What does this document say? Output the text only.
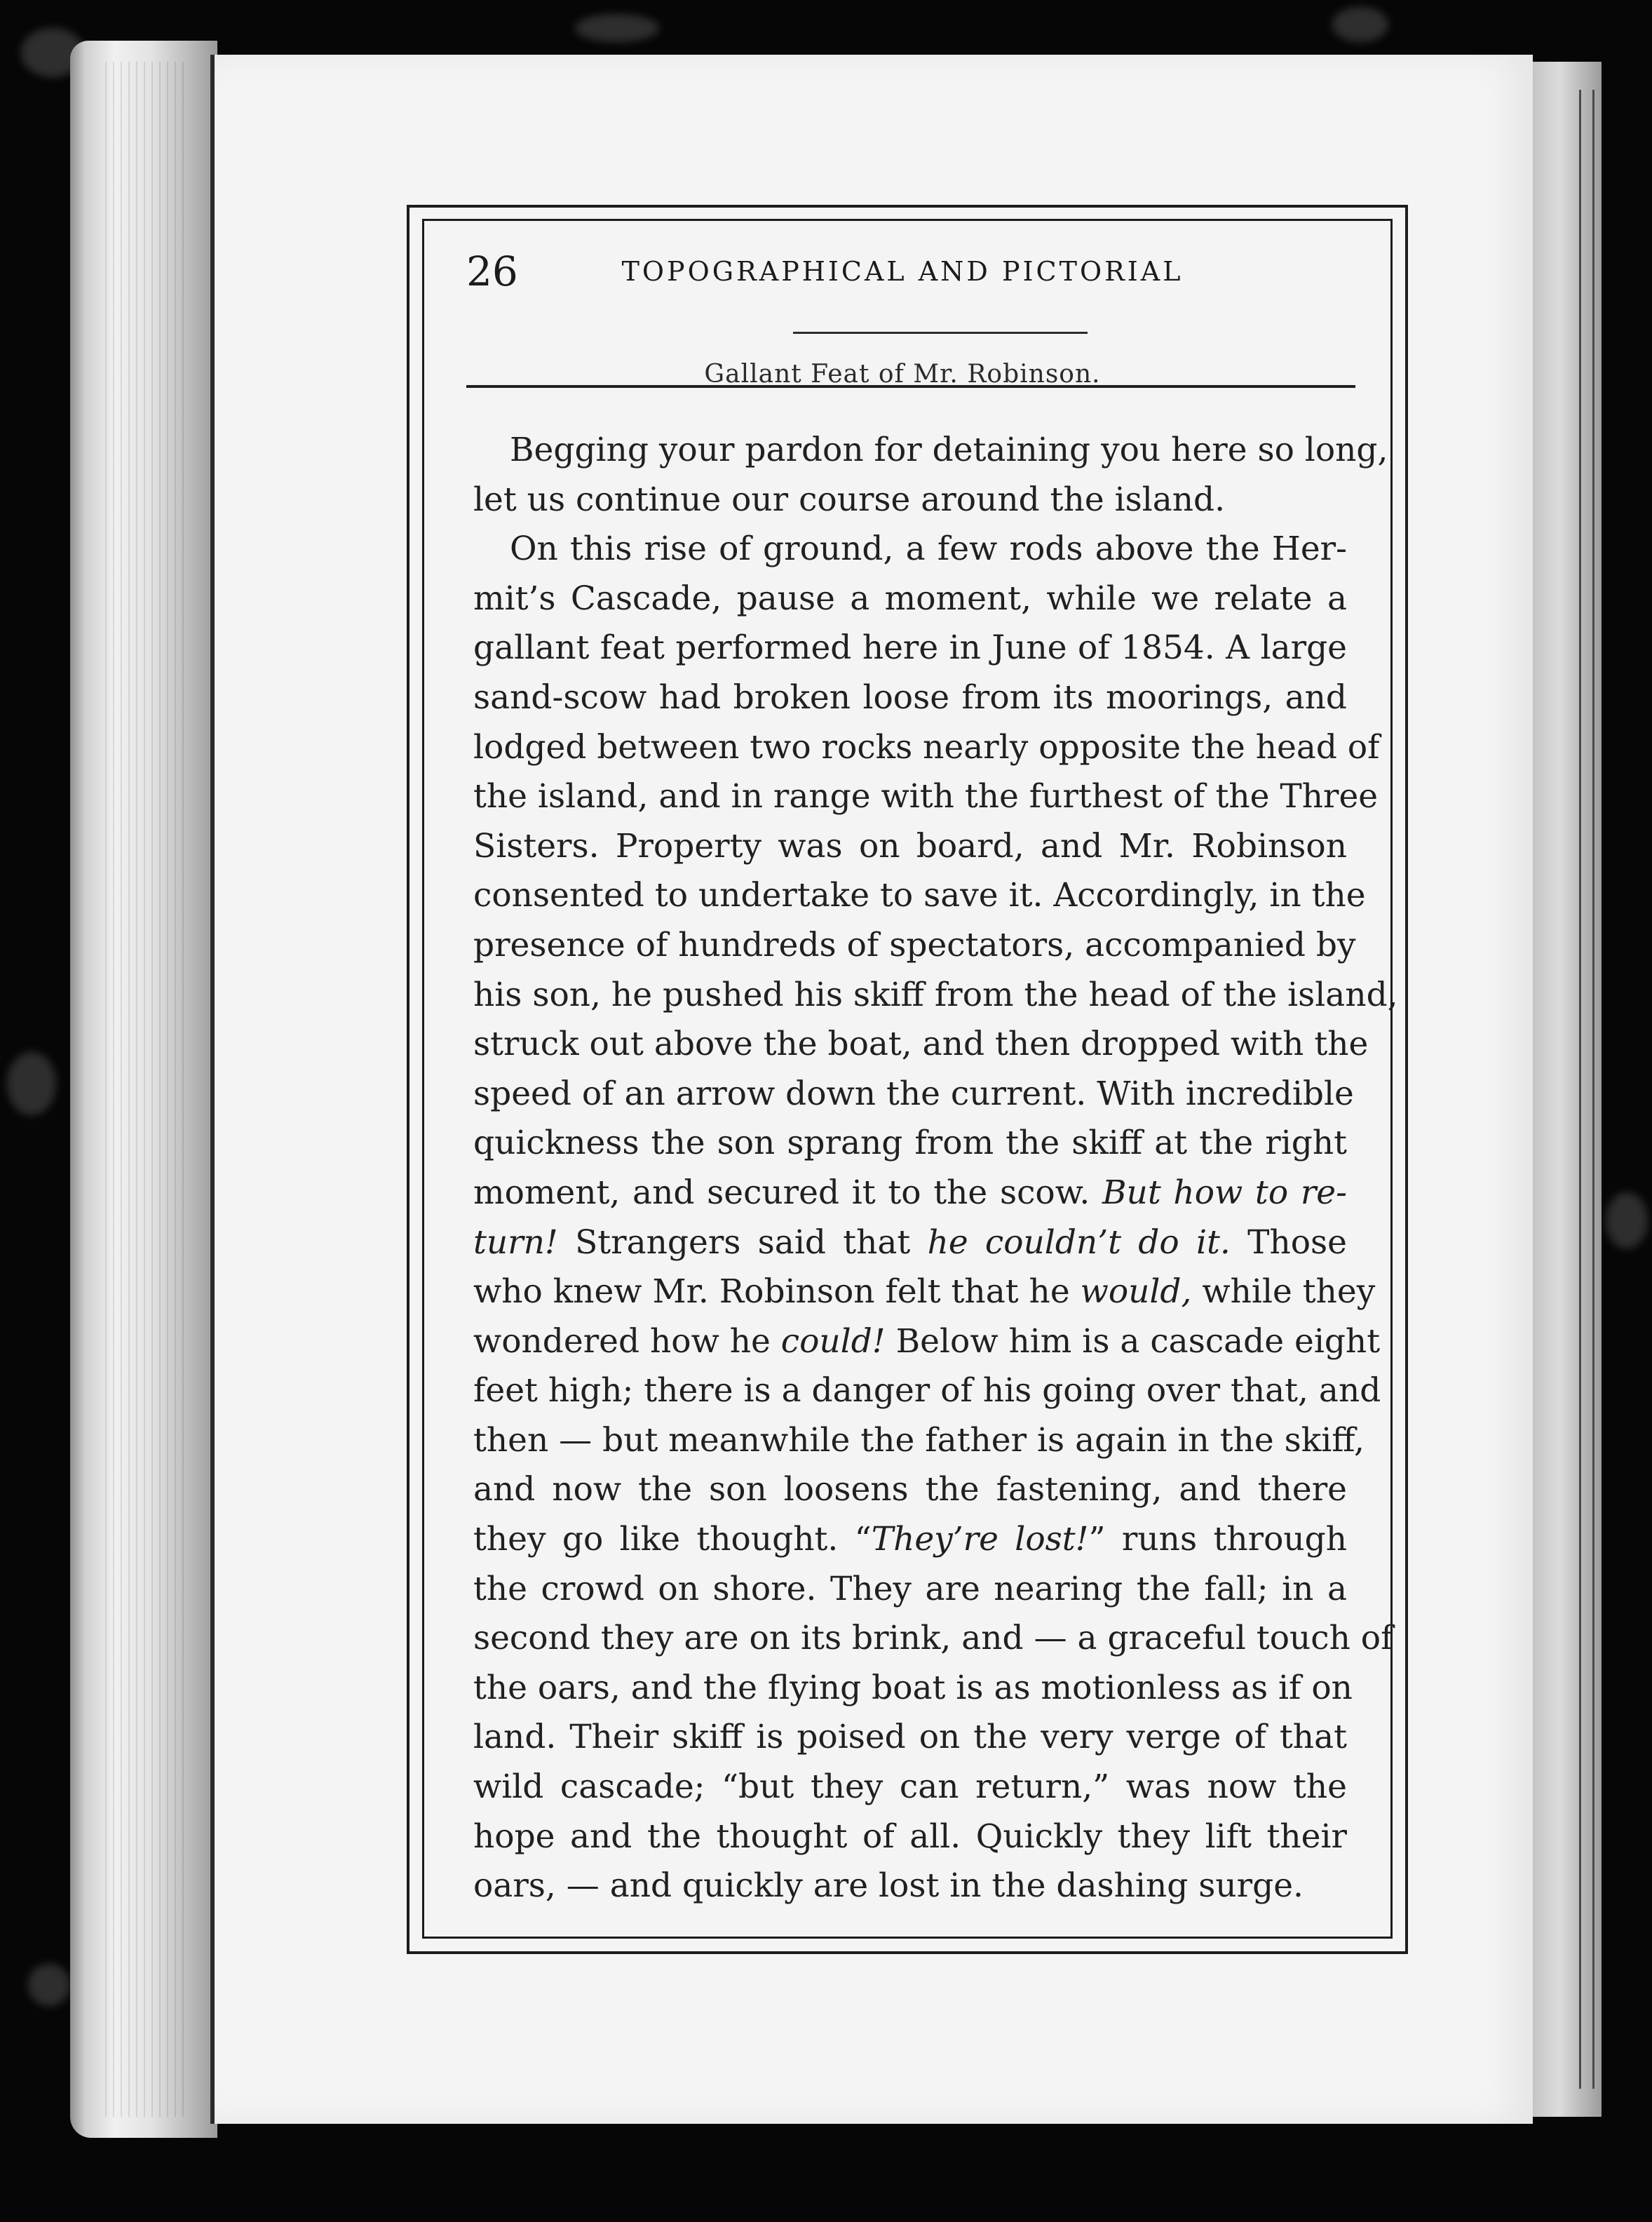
26	TOPOGRAPHICAL AND PICTORIAL
Gallant Feat of Mr. Robinson.

Begging your pardon for detaining you here so long,
let us continue our course around the island.

On this rise of ground, a few rods above the Her-
mit’s Cascade, pause a moment, while we relate a
gallant feat performed here in June of 1854. A large
sand-scow had broken loose from its moorings, and
lodged between two rocks nearly opposite the head of
the island, and in range with the furthest of the Three
Sisters. Property was on board, and Mr. Robinson
consented to undertake to save it. Accordingly, in the
presence of hundreds of spectators, accompanied by
his son, he pushed his skiff from the head of the island,
struck out above the boat, and then dropped with the
speed of an arrow down the current. With incredible
quickness the son sprang from the skiff at the right
moment, and secured it to the scow. But how to re-
turn! Strangers said that he couldn’t do it. Those
who knew Mr. Robinson felt that he would, while they
wondered how he could! Below him is a cascade eight
feet high; there is a danger of his going over that, and
then — but meanwhile the father is again in the skiff,
and now the son loosens the fastening, and there
they go like thought. “They’re lost!” runs through
the crowd on shore. They are nearing the fall; in a
second they are on its brink, and — a graceful touch of
the oars, and the flying boat is as motionless as if on
land. Their skiff is poised on the very verge of that
wild cascade; “but they can return,” was now the
hope and the thought of all. Quickly they lift their
oars, — and quickly are lost in the dashing surge.
